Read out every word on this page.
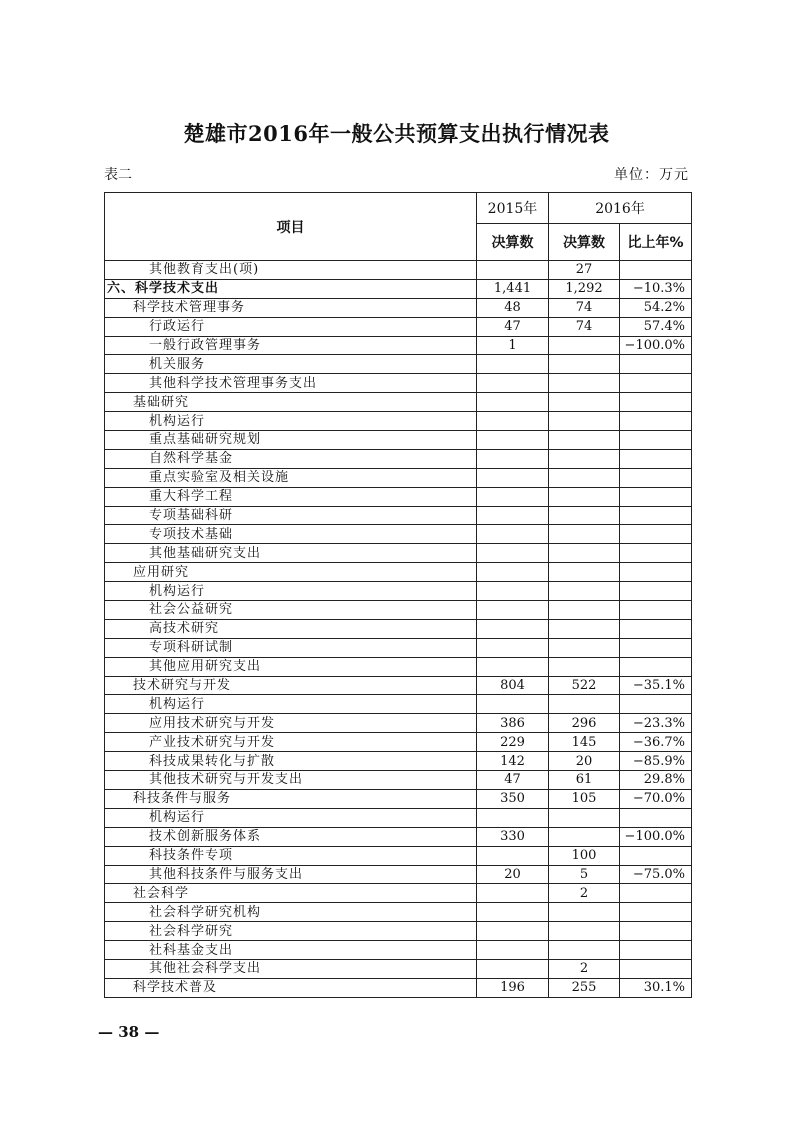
楚雄市2016年一般公共预算支出执行情况表
表二	单位：万元
项目	2015年	2016年	
	决算数	决算数	比上年%
其他教育支出(项)		27	
六、科学技术支出	1,441	1,292	−10.3%
科学技术管理事务	48	74	54.2%
行政运行	47	74	57.4%
一般行政管理事务	1		−100.0%
机关服务			
其他科学技术管理事务支出			
基础研究			
机构运行			
重点基础研究规划			
自然科学基金			
重点实验室及相关设施			
重大科学工程			
专项基础科研			
专项技术基础			
其他基础研究支出			
应用研究			
机构运行			
社会公益研究			
高技术研究			
专项科研试制			
其他应用研究支出			
技术研究与开发	804	522	−35.1%
机构运行			
应用技术研究与开发	386	296	−23.3%
产业技术研究与开发	229	145	−36.7%
科技成果转化与扩散	142	20	−85.9%
其他技术研究与开发支出	47	61	29.8%
科技条件与服务	350	105	−70.0%
机构运行			
技术创新服务体系	330		−100.0%
科技条件专项		100	
其他科技条件与服务支出	20	5	−75.0%
社会科学		2	
社会科学研究机构			
社会科学研究			
社科基金支出			
其他社会科学支出		2	
科学技术普及	196	255	30.1%
— 38 —
